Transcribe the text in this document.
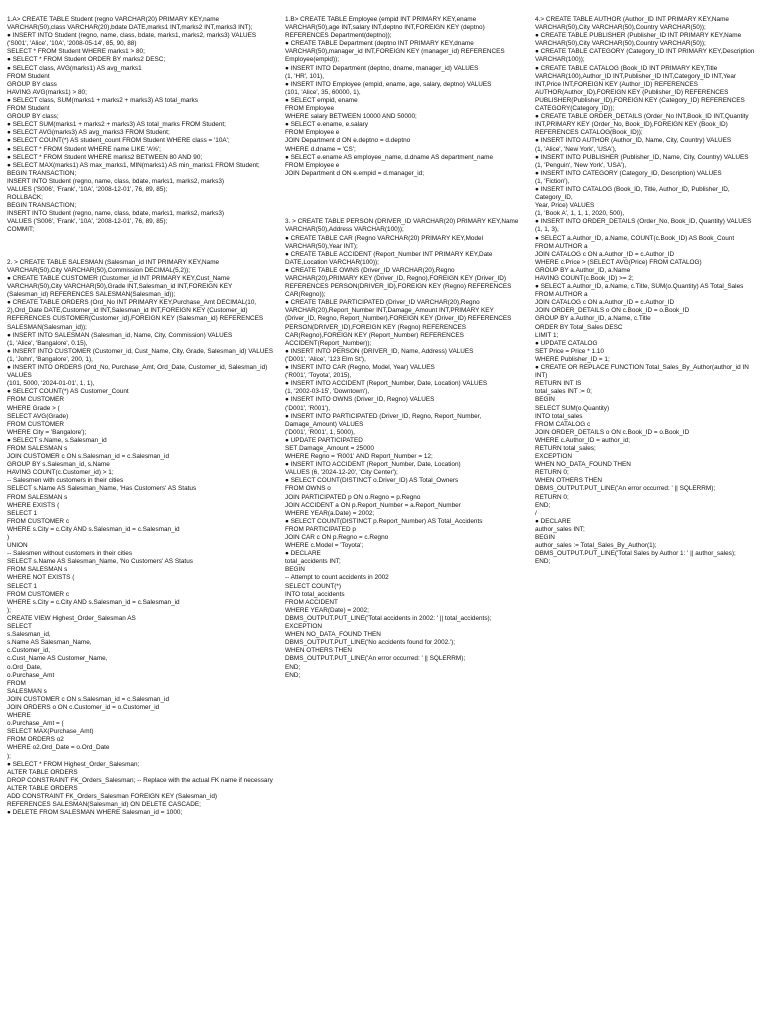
1.A> CREATE TABLE Student (regno VARCHAR(20) PRIMARY KEY,name VARCHAR(50),class VARCHAR(20),bdate DATE,marks1 INT,marks2 INT,marks3 INT);
● INSERT INTO Student (regno, name, class, bdate, marks1, marks2, marks3) VALUES
('S001', 'Alice', '10A', '2008-05-14', 85, 90, 88)
SELECT * FROM Student WHERE marks1 > 80;
● SELECT * FROM Student ORDER BY marks2 DESC;
● SELECT class, AVG(marks1) AS avg_marks1
FROM Student
GROUP BY class
HAVING AVG(marks1) > 80;
● SELECT class, SUM(marks1 + marks2 + marks3) AS total_marks
FROM Student
GROUP BY class;
● SELECT SUM(marks1 + marks2 + marks3) AS total_marks FROM Student;
● SELECT AVG(marks3) AS avg_marks3 FROM Student;
● SELECT COUNT(*) AS student_count FROM Student WHERE class = '10A';
● SELECT * FROM Student WHERE name LIKE 'A%';
● SELECT * FROM Student WHERE marks2 BETWEEN 80 AND 90;
● SELECT MAX(marks1) AS max_marks1, MIN(marks1) AS min_marks1 FROM Student;
BEGIN TRANSACTION;
INSERT INTO Student (regno, name, class, bdate, marks1, marks2, marks3)
VALUES ('S006', 'Frank', '10A', '2008-12-01', 76, 89, 85);
ROLLBACK;
BEGIN TRANSACTION;
INSERT INTO Student (regno, name, class, bdate, marks1, marks2, marks3)
VALUES ('S006', 'Frank', '10A', '2008-12-01', 76, 89, 85);
COMMIT;
2. > CREATE TABLE SALESMAN (Salesman_id INT PRIMARY KEY,Name VARCHAR(50),City VARCHAR(50),Commission DECIMAL(5,2));
● CREATE TABLE CUSTOMER (Customer_id INT PRIMARY KEY,Cust_Name VARCHAR(50),City VARCHAR(50),Grade INT,Salesman_id INT,FOREIGN KEY (Salesman_id) REFERENCES SALESMAN(Salesman_id));
● CREATE TABLE ORDERS (Ord_No INT PRIMARY KEY,Purchase_Amt DECIMAL(10, 2),Ord_Date DATE,Customer_id INT,Salesman_id INT,FOREIGN KEY (Customer_id) REFERENCES CUSTOMER(Customer_id),FOREIGN KEY (Salesman_id) REFERENCES SALESMAN(Salesman_id));
● INSERT INTO SALESMAN (Salesman_id, Name, City, Commission) VALUES
(1, 'Alice', 'Bangalore', 0.15),
● INSERT INTO CUSTOMER (Customer_id, Cust_Name, City, Grade, Salesman_id) VALUES
(1, 'John', 'Bangalore', 200, 1),
● INSERT INTO ORDERS (Ord_No, Purchase_Amt, Ord_Date, Customer_id, Salesman_id) VALUES
(101, 5000, '2024-01-01', 1, 1),
● SELECT COUNT(*) AS Customer_Count
FROM CUSTOMER
WHERE Grade > (
SELECT AVG(Grade)
FROM CUSTOMER
WHERE City = 'Bangalore');
● SELECT s.Name, s.Salesman_id
FROM SALESMAN s
JOIN CUSTOMER c ON s.Salesman_id = c.Salesman_id
GROUP BY s.Salesman_id, s.Name
HAVING COUNT(c.Customer_id) > 1;
-- Salesmen with customers in their cities
SELECT s.Name AS Salesman_Name, 'Has Customers' AS Status
FROM SALESMAN s
WHERE EXISTS (
SELECT 1
FROM CUSTOMER c
WHERE s.City = c.City AND s.Salesman_id = c.Salesman_id
)
UNION
-- Salesmen without customers in their cities
SELECT s.Name AS Salesman_Name, 'No Customers' AS Status
FROM SALESMAN s
WHERE NOT EXISTS (
SELECT 1
FROM CUSTOMER c
WHERE s.City = c.City AND s.Salesman_id = c.Salesman_id
);
CREATE VIEW Highest_Order_Salesman AS
SELECT
s.Salesman_id,
s.Name AS Salesman_Name,
c.Customer_id,
c.Cust_Name AS Customer_Name,
o.Ord_Date,
o.Purchase_Amt
FROM
SALESMAN s
JOIN CUSTOMER c ON s.Salesman_id = c.Salesman_id
JOIN ORDERS o ON c.Customer_id = o.Customer_id
WHERE
o.Purchase_Amt = (
SELECT MAX(Purchase_Amt)
FROM ORDERS o2
WHERE o2.Ord_Date = o.Ord_Date
);
● SELECT * FROM Highest_Order_Salesman;
ALTER TABLE ORDERS
DROP CONSTRAINT FK_Orders_Salesman; -- Replace with the actual FK name if necessary
ALTER TABLE ORDERS
ADD CONSTRAINT FK_Orders_Salesman FOREIGN KEY (Salesman_id)
REFERENCES SALESMAN(Salesman_id) ON DELETE CASCADE;
● DELETE FROM SALESMAN WHERE Salesman_id = 1000;
1.B> CREATE TABLE Employee (empid INT PRIMARY KEY,ename VARCHAR(50),age INT,salary INT,deptno INT,FOREIGN KEY (deptno) REFERENCES Department(deptno));
● CREATE TABLE Department (deptno INT PRIMARY KEY,dname VARCHAR(50),manager_id INT,FOREIGN KEY (manager_id) REFERENCES Employee(empid));
● INSERT INTO Department (deptno, dname, manager_id) VALUES
(1, 'HR', 101),
● INSERT INTO Employee (empid, ename, age, salary, deptno) VALUES
(101, 'Alice', 35, 60000, 1),
● SELECT empid, ename
FROM Employee
WHERE salary BETWEEN 10000 AND 50000;
● SELECT e.ename, e.salary
FROM Employee e
JOIN Department d ON e.deptno = d.deptno
WHERE d.dname = 'CS';
● SELECT e.ename AS employee_name, d.dname AS department_name
FROM Employee e
JOIN Department d ON e.empid = d.manager_id;
3. > CREATE TABLE PERSON (DRIVER_ID VARCHAR(20) PRIMARY KEY,Name VARCHAR(50),Address VARCHAR(100));
● CREATE TABLE CAR (Regno VARCHAR(20) PRIMARY KEY,Model VARCHAR(50),Year INT);
● CREATE TABLE ACCIDENT (Report_Number INT PRIMARY KEY,Date DATE,Location VARCHAR(100));
● CREATE TABLE OWNS (Driver_ID VARCHAR(20),Regno VARCHAR(20),PRIMARY KEY (Driver_ID, Regno),FOREIGN KEY (Driver_ID) REFERENCES PERSON(DRIVER_ID),FOREIGN KEY (Regno) REFERENCES CAR(Regno));
● CREATE TABLE PARTICIPATED (Driver_ID VARCHAR(20),Regno VARCHAR(20),Report_Number INT,Damage_Amount INT,PRIMARY KEY (Driver_ID, Regno, Report_Number),FOREIGN KEY (Driver_ID) REFERENCES PERSON(DRIVER_ID),FOREIGN KEY (Regno) REFERENCES CAR(Regno),FOREIGN KEY (Report_Number) REFERENCES ACCIDENT(Report_Number));
● INSERT INTO PERSON (DRIVER_ID, Name, Address) VALUES
('D001', 'Alice', '123 Elm St'),
● INSERT INTO CAR (Regno, Model, Year) VALUES
('R001', 'Toyota', 2015),
● INSERT INTO ACCIDENT (Report_Number, Date, Location) VALUES
(1, '2002-03-15', 'Downtown'),
● INSERT INTO OWNS (Driver_ID, Regno) VALUES
('D001', 'R001'),
● INSERT INTO PARTICIPATED (Driver_ID, Regno, Report_Number, Damage_Amount) VALUES
('D001', 'R001', 1, 5000),
● UPDATE PARTICIPATED
SET Damage_Amount = 25000
WHERE Regno = 'R001' AND Report_Number = 12;
● INSERT INTO ACCIDENT (Report_Number, Date, Location)
VALUES (6, '2024-12-20', 'City Center');
● SELECT COUNT(DISTINCT o.Driver_ID) AS Total_Owners
FROM OWNS o
JOIN PARTICIPATED p ON o.Regno = p.Regno
JOIN ACCIDENT a ON p.Report_Number = a.Report_Number
WHERE YEAR(a.Date) = 2002;
● SELECT COUNT(DISTINCT p.Report_Number) AS Total_Accidents
FROM PARTICIPATED p
JOIN CAR c ON p.Regno = c.Regno
WHERE c.Model = 'Toyota';
● DECLARE
total_accidents INT;
BEGIN
-- Attempt to count accidents in 2002
SELECT COUNT(*)
INTO total_accidents
FROM ACCIDENT
WHERE YEAR(Date) = 2002;
DBMS_OUTPUT.PUT_LINE('Total accidents in 2002: ' || total_accidents);
EXCEPTION
WHEN NO_DATA_FOUND THEN
DBMS_OUTPUT.PUT_LINE('No accidents found for 2002.');
WHEN OTHERS THEN
DBMS_OUTPUT.PUT_LINE('An error occurred: ' || SQLERRM);
END;
END;
4.> CREATE TABLE AUTHOR (Author_ID INT PRIMARY KEY,Name VARCHAR(50),City VARCHAR(50),Country VARCHAR(50));
● CREATE TABLE PUBLISHER (Publisher_ID INT PRIMARY KEY,Name VARCHAR(50),City VARCHAR(50),Country VARCHAR(50));
● CREATE TABLE CATEGORY (Category_ID INT PRIMARY KEY,Description VARCHAR(100));
● CREATE TABLE CATALOG (Book_ID INT PRIMARY KEY,Title VARCHAR(100),Author_ID INT,Publisher_ID INT,Category_ID INT,Year INT,Price INT,FOREIGN KEY (Author_ID) REFERENCES AUTHOR(Author_ID),FOREIGN KEY (Publisher_ID) REFERENCES PUBLISHER(Publisher_ID),FOREIGN KEY (Category_ID) REFERENCES CATEGORY(Category_ID));
● CREATE TABLE ORDER_DETAILS (Order_No INT,Book_ID INT,Quantity INT,PRIMARY KEY (Order_No, Book_ID),FOREIGN KEY (Book_ID) REFERENCES CATALOG(Book_ID));
● INSERT INTO AUTHOR (Author_ID, Name, City, Country) VALUES
(1, 'Alice', 'New York', 'USA'),
● INSERT INTO PUBLISHER (Publisher_ID, Name, City, Country) VALUES
(1, 'Penguin', 'New York', 'USA'),
● INSERT INTO CATEGORY (Category_ID, Description) VALUES
(1, 'Fiction'),
● INSERT INTO CATALOG (Book_ID, Title, Author_ID, Publisher_ID, Category_ID,
Year, Price) VALUES
(1, 'Book A', 1, 1, 1, 2020, 500),
● INSERT INTO ORDER_DETAILS (Order_No, Book_ID, Quantity) VALUES
(1, 1, 3),
● SELECT a.Author_ID, a.Name, COUNT(c.Book_ID) AS Book_Count
FROM AUTHOR a
JOIN CATALOG c ON a.Author_ID = c.Author_ID
WHERE c.Price > (SELECT AVG(Price) FROM CATALOG)
GROUP BY a.Author_ID, a.Name
HAVING COUNT(c.Book_ID) >= 2;
● SELECT a.Author_ID, a.Name, c.Title, SUM(o.Quantity) AS Total_Sales
FROM AUTHOR a
JOIN CATALOG c ON a.Author_ID = c.Author_ID
JOIN ORDER_DETAILS o ON c.Book_ID = o.Book_ID
GROUP BY a.Author_ID, a.Name, c.Title
ORDER BY Total_Sales DESC
LIMIT 1;
● UPDATE CATALOG
SET Price = Price * 1.10
WHERE Publisher_ID = 1;
● CREATE OR REPLACE FUNCTION Total_Sales_By_Author(author_id IN INT)
RETURN INT IS
total_sales INT := 0;
BEGIN
SELECT SUM(o.Quantity)
INTO total_sales
FROM CATALOG c
JOIN ORDER_DETAILS o ON c.Book_ID = o.Book_ID
WHERE c.Author_ID = author_id;
RETURN total_sales;
EXCEPTION
WHEN NO_DATA_FOUND THEN
RETURN 0;
WHEN OTHERS THEN
DBMS_OUTPUT.PUT_LINE('An error occurred: ' || SQLERRM);
RETURN 0;
END;
/
● DECLARE
author_sales INT;
BEGIN
author_sales := Total_Sales_By_Author(1);
DBMS_OUTPUT.PUT_LINE('Total Sales by Author 1: ' || author_sales);
END;
